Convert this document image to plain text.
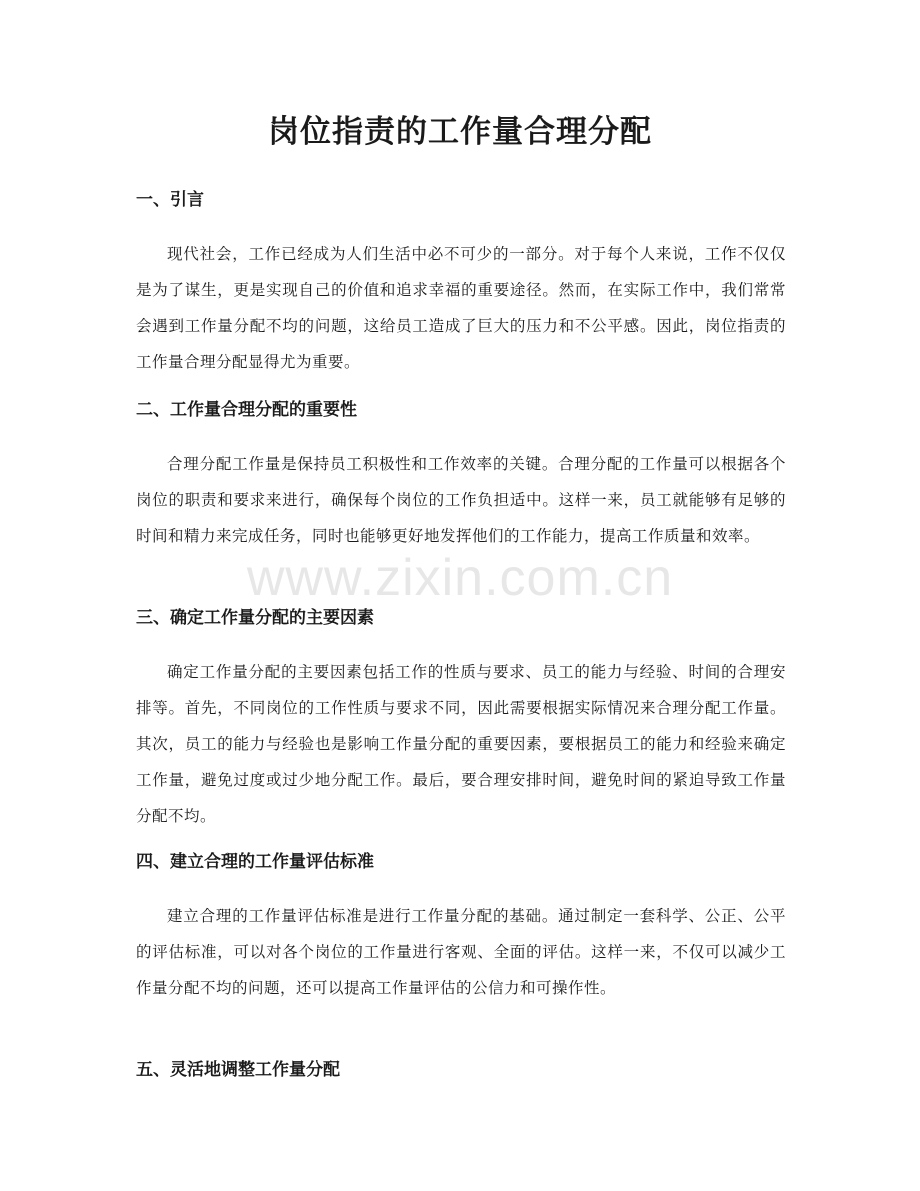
岗位指责的工作量合理分配
一、引言

现代社会，工作已经成为人们生活中必不可少的一部分。对于每个人来说，工作不仅仅是为了谋生，更是实现自己的价值和追求幸福的重要途径。然而，在实际工作中，我们常常会遇到工作量分配不均的问题，这给员工造成了巨大的压力和不公平感。因此，岗位指责的工作量合理分配显得尤为重要。

二、工作量合理分配的重要性

合理分配工作量是保持员工积极性和工作效率的关键。合理分配的工作量可以根据各个岗位的职责和要求来进行，确保每个岗位的工作负担适中。这样一来，员工就能够有足够的时间和精力来完成任务，同时也能够更好地发挥他们的工作能力，提高工作质量和效率。

三、确定工作量分配的主要因素

确定工作量分配的主要因素包括工作的性质与要求、员工的能力与经验、时间的合理安排等。首先，不同岗位的工作性质与要求不同，因此需要根据实际情况来合理分配工作量。其次，员工的能力与经验也是影响工作量分配的重要因素，要根据员工的能力和经验来确定工作量，避免过度或过少地分配工作。最后，要合理安排时间，避免时间的紧迫导致工作量分配不均。

四、建立合理的工作量评估标准

建立合理的工作量评估标准是进行工作量分配的基础。通过制定一套科学、公正、公平的评估标准，可以对各个岗位的工作量进行客观、全面的评估。这样一来，不仅可以减少工作量分配不均的问题，还可以提高工作量评估的公信力和可操作性。

五、灵活地调整工作量分配
www.zixin.com.cn
